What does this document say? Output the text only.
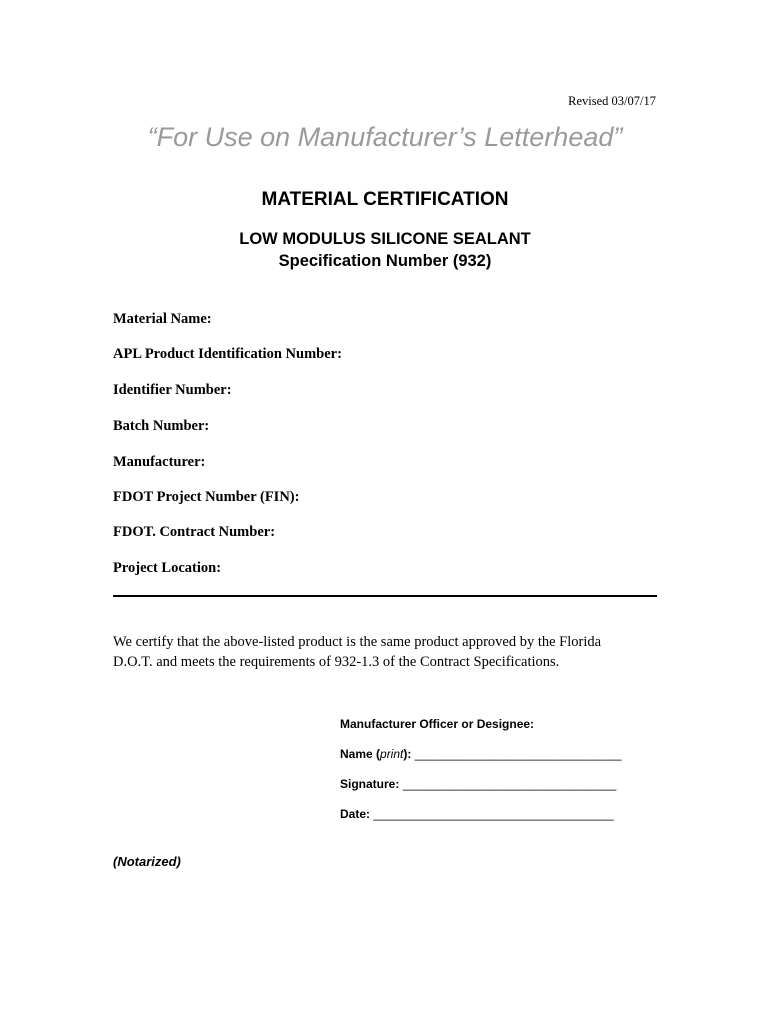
Revised 03/07/17
“For Use on Manufacturer’s Letterhead”
MATERIAL CERTIFICATION
LOW MODULUS SILICONE SEALANT
Specification Number (932)
Material Name:
APL Product Identification Number:
Identifier Number:
Batch Number:
Manufacturer:
FDOT Project Number (FIN):
FDOT. Contract Number:
Project Location:
We certify that the above-listed product is the same product approved by the Florida
D.O.T. and meets the requirements of 932-1.3 of the Contract Specifications.
Manufacturer Officer or Designee:
Name (print): _______________________________
Signature: ________________________________
Date: ____________________________________
(Notarized)
